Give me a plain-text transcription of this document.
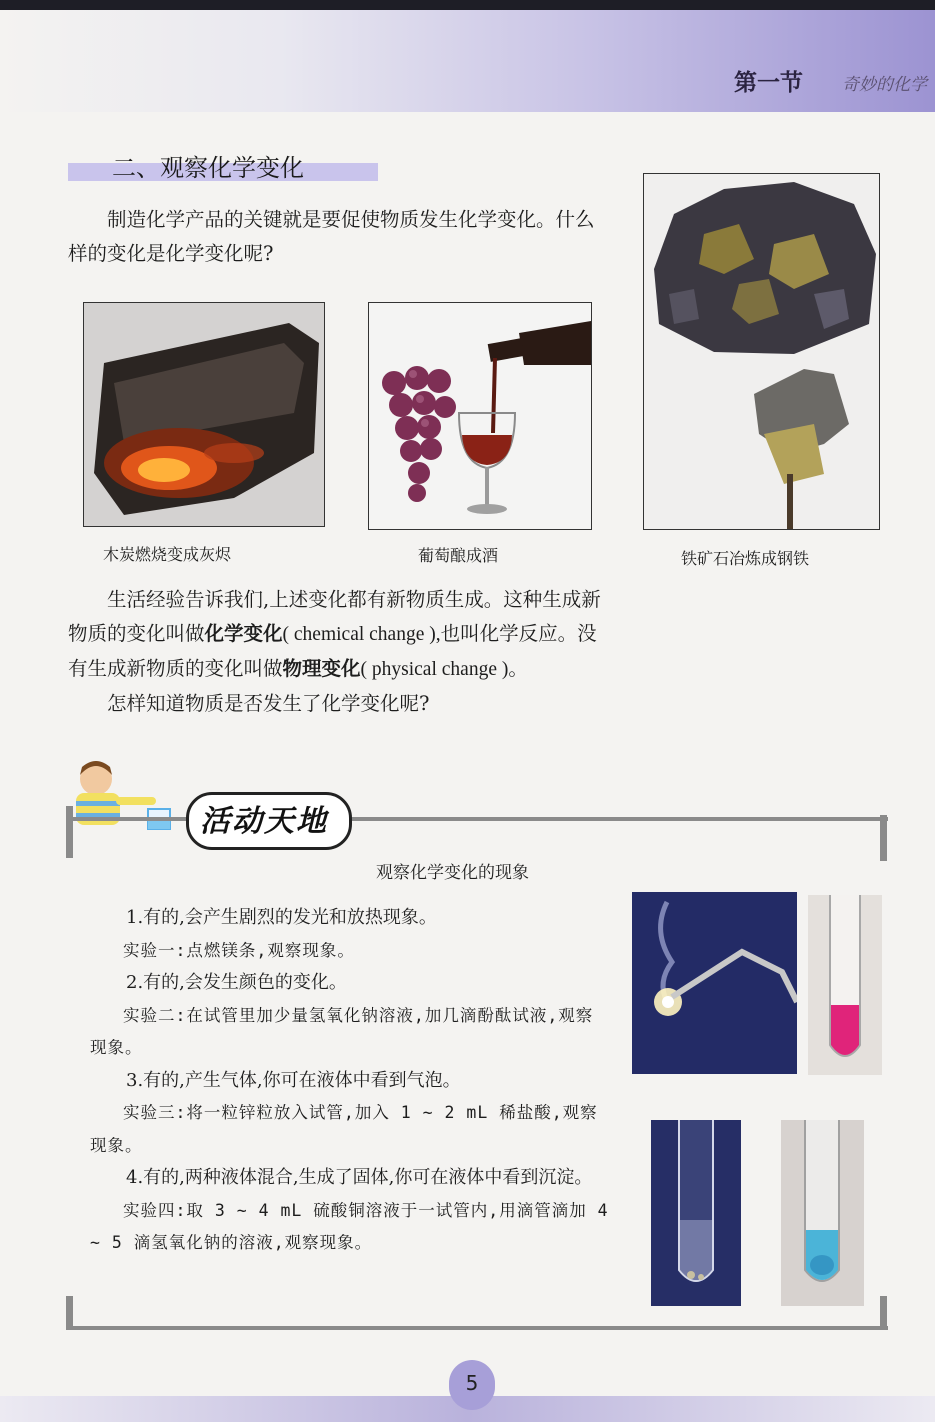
第一节 奇妙的化学
二、观察化学变化

制造化学产品的关键就是要促使物质发生化学变化。什么样的变化是化学变化呢?

木炭燃烧变成灰烬	葡萄酿成酒	铁矿石冶炼成钢铁

生活经验告诉我们,上述变化都有新物质生成。这种生成新物质的变化叫做化学变化( chemical change ),也叫化学反应。没有生成新物质的变化叫做物理变化( physical change )。

怎样知道物质是否发生了化学变化呢?

活动天地
观察化学变化的现象

1.有的,会产生剧烈的发光和放热现象。

实验一:点燃镁条,观察现象。

2.有的,会发生颜色的变化。

实验二:在试管里加少量氢氧化钠溶液,加几滴酚酞试液,观察现象。

3.有的,产生气体,你可在液体中看到气泡。

实验三:将一粒锌粒放入试管,加入 1 ~ 2 mL 稀盐酸,观察现象。

4.有的,两种液体混合,生成了固体,你可在液体中看到沉淀。

实验四:取 3 ~ 4 mL 硫酸铜溶液于一试管内,用滴管滴加 4 ~ 5 滴氢氧化钠的溶液,观察现象。

5
